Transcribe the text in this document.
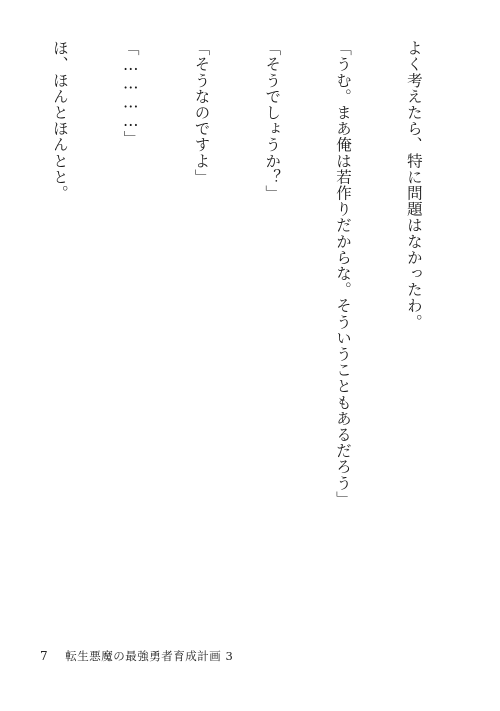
よく考えたら、特に問題はなかったわ。

「うむ。まあ俺は若作りだからな。そういうこともあるだろう」

「そうでしょうか？」

「そうなのですよ」

「…………」

ほ、ほんとほんとと。

7 転生悪魔の最強勇者育成計画 3
